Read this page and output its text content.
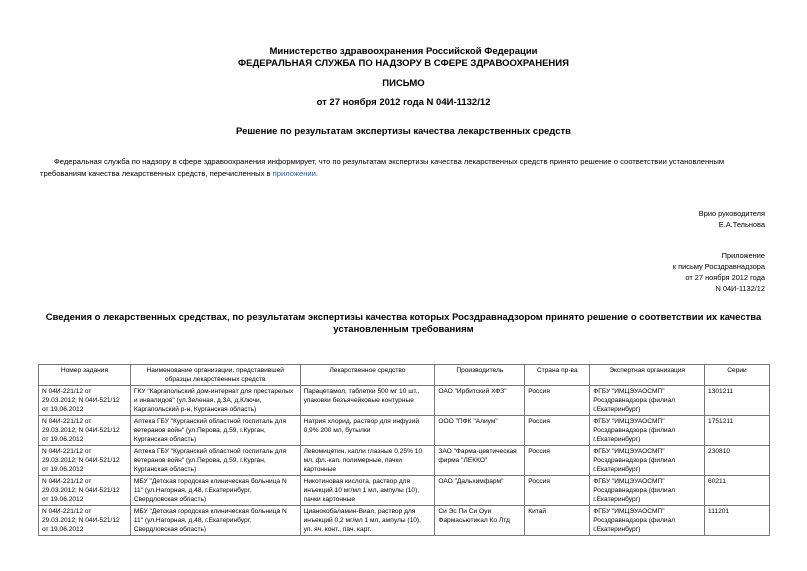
Министерство здравоохранения Российской Федерации
ФЕДЕРАЛЬНАЯ СЛУЖБА ПО НАДЗОРУ В СФЕРЕ ЗДРАВООХРАНЕНИЯ
ПИСЬМО
от 27 ноября 2012 года N 04И-1132/12
Решение по результатам экспертизы качества лекарственных средств
Федеральная служба по надзору в сфере здравоохранения информирует, что по результатам экспертизы качества лекарственных средств принято решение о соответствии установленным требованиям качества лекарственных средств, перечисленных в приложении.
Врио руководителя
Е.А.Тельнова
Приложение
к письму Росздравнадзора
от 27 ноября 2012 года
N 04И-1132/12
Сведения о лекарственных средствах, по результатам экспертизы качества которых Росздравнадзором принято решение о соответствии их качества
установленным требованиям
Номер задания	Наименование организации, представившей образцы лекарственных средств	Лекарственное средство	Производитель	Страна пр-ва	Экспертная организация	Серии
N 04И-221/12 от 29.03.2012; N 04И-521/12 от 19.06.2012	ГКУ "Каргапольский дом-интернат для престарелых и инвалидов" (ул.Зеленая, д.3А, д.Ключи, Каргапольский р-н, Курганская область)	Парацетамол, таблетки 500 мг 10 шт., упаковки безъячейковые контурные	ОАО "Ирбитский ХФЗ"	Россия	ФГБУ "ИМЦЭУАОСМП" Росздравнадзора (филиал г.Екатеринбург)	1301211
N 04И-221/12 от 29.03.2012; N 04И-521/12 от 19.06.2012	Аптека ГБУ "Курганский областной госпиталь для ветеранов войн" (ул.Перова, д.59, г.Курган, Курганская область)	Натрия хлорид, раствор для инфузий 0,9% 200 мл, бутылки	ООО "ПФК "Алиум"	Россия	ФГБУ "ИМЦЭУАОСМП" Росздравнадзора (филиал г.Екатеринбург)	1751211
N 04И-221/12 от 29.03.2012; N 04И-521/12 от 19.06.2012	Аптека ГБУ "Курганский областной госпиталь для ветеранов войн" (ул.Перова, д.59, г.Курган, Курганская область)	Левомицетин, капли глазные 0,25% 10 мл, фл.-кап. полимерные, пачки картонные	ЗАО "Фарма-цевтическая фирма "ЛЕККО"	Россия	ФГБУ "ИМЦЭУАОСМП" Росздравнадзора (филиал г.Екатеринбург)	230810
N 04И-221/12 от 29.03.2012; N 04И-521/12 от 19.06.2012	МБУ "Детская городская клиническая больница N 11" (ул.Нагорная, д.48, г.Екатеринбург, Свердловская область)	Никотиновая кислота, раствор для инъекций 10 мг/мл 1 мл, ампулы (10), пачки картонные	ОАО "Дальхимфарм"	Россия	ФГБУ "ИМЦЭУАОСМП" Росздравнадзора (филиал г.Екатеринбург)	60211
N 04И-221/12 от 29.03.2012; N 04И-521/12 от 19.06.2012	МБУ "Детская городская клиническая больница N 11" (ул.Нагорная, д.48, г.Екатеринбург, Свердловская область)	Цианокобаламин-Виал, раствор для инъекций 0,2 мг/мл 1 мл, ампулы (10), уп. яч. конт., пач. карт.	Си Эс Пи Си Оуи Фармасьютикал Ко Лтд	Китай	ФГБУ "ИМЦЭУАОСМП" Росздравнадзора (филиал г.Екатеринбург)	111201
